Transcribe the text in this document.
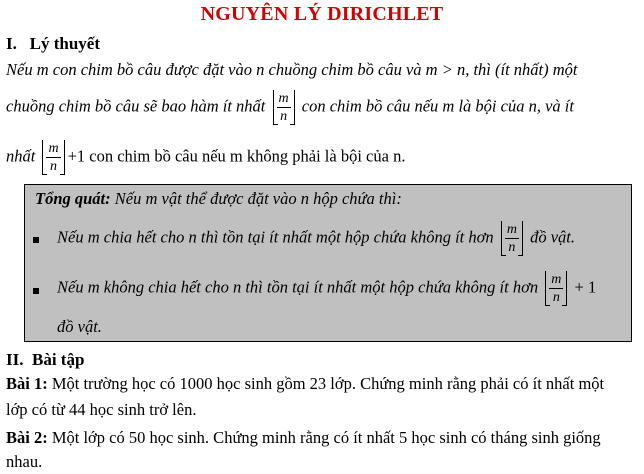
NGUYÊN LÝ DIRICHLET
I. Lý thuyết
Nếu m con chim bồ câu được đặt vào n chuồng chim bồ câu và m > n, thì (ít nhất) một
chuồng chim bồ câu sẽ bao hàm ít nhất $\frac{m}{n}$ con chim bồ câu nếu m là bội của n, và ít
nhất $\frac{m}{n} +1$ con chim bồ câu nếu m không phải là bội của n.
Tổng quát: Nếu m vật thể được đặt vào n hộp chứa thì:
Nếu m chia hết cho n thì tồn tại ít nhất một hộp chứa không ít hơn $\frac{m}{n}$ đồ vật.
Nếu m không chia hết cho n thì tồn tại ít nhất một hộp chứa không ít hơn $\frac{m}{n} + 1$
đồ vật.
II. Bài tập
Bài 1: Một trường học có 1000 học sinh gồm 23 lớp. Chứng minh rằng phải có ít nhất một
lớp có từ 44 học sinh trở lên.
Bài 2: Một lớp có 50 học sinh. Chứng minh rằng có ít nhất 5 học sinh có tháng sinh giống
nhau.
